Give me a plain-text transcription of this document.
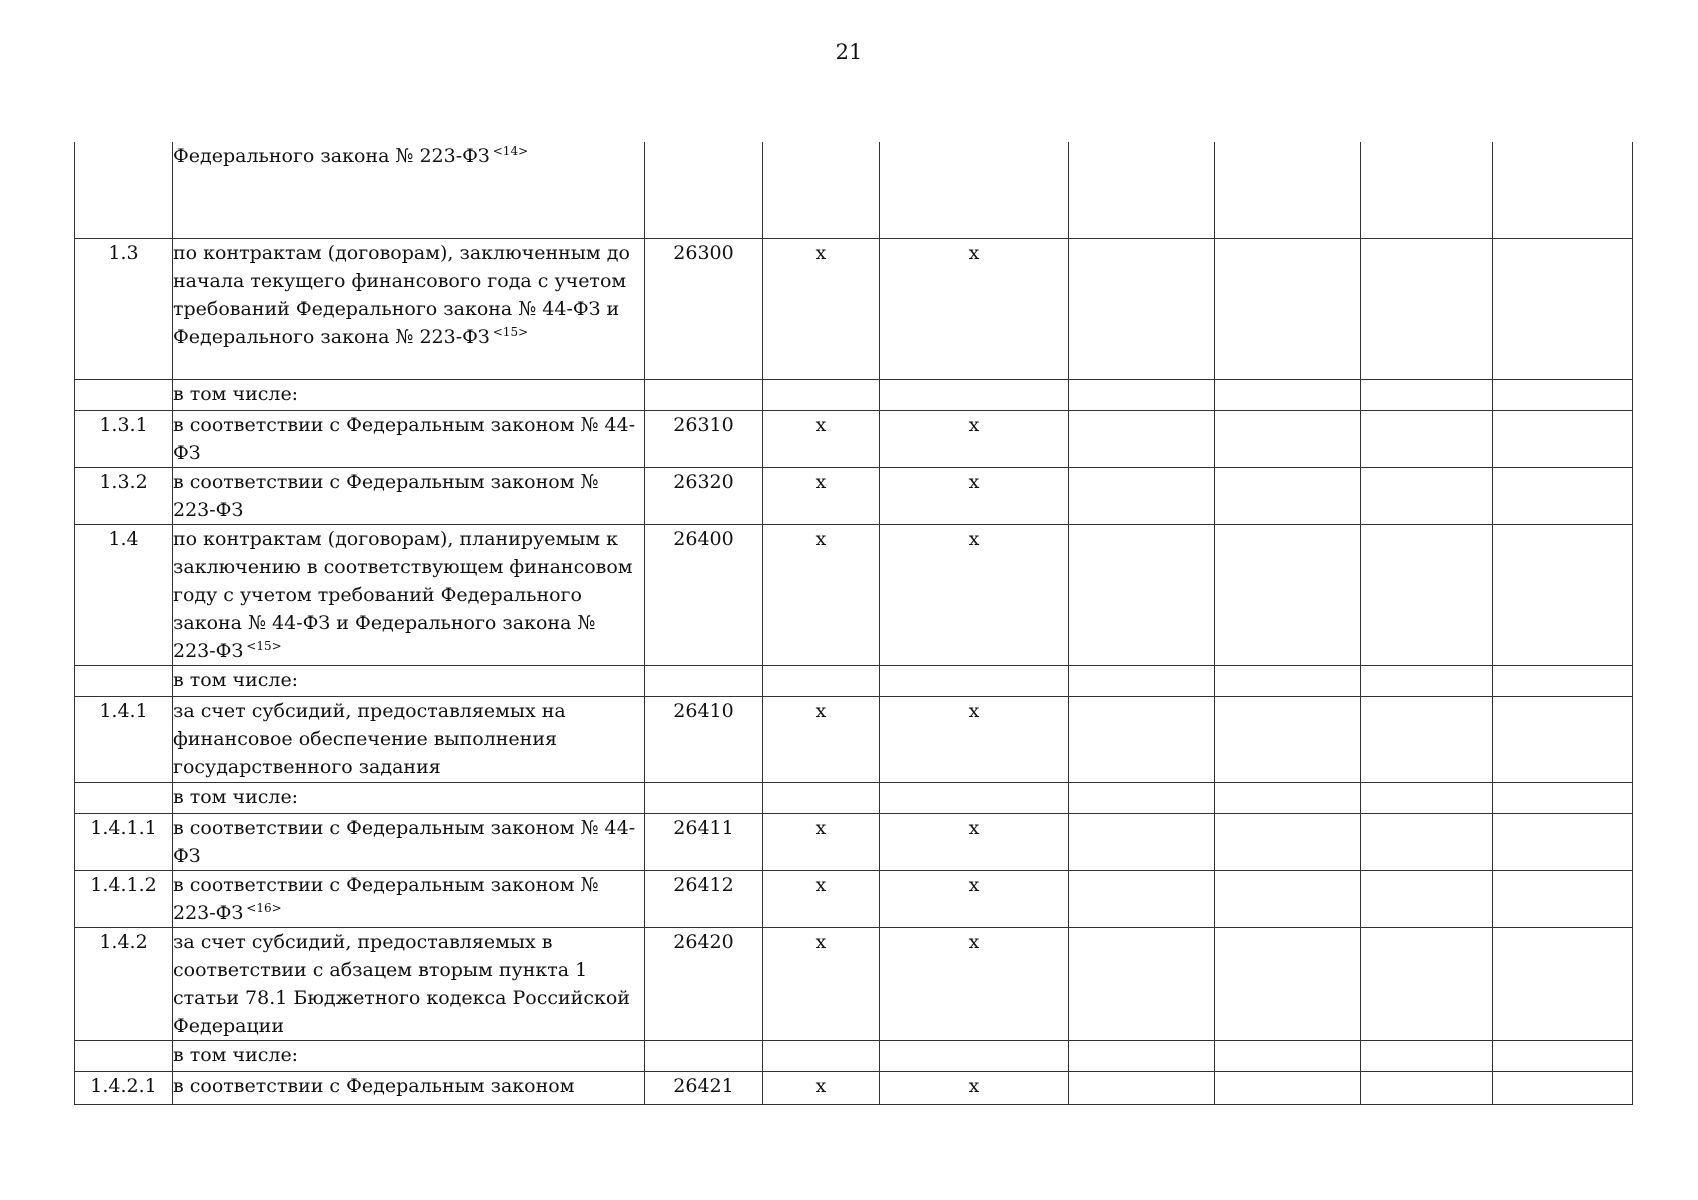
21
	Федерального закона № 223-ФЗ $^{<14>}$							
1.3	по контрактам (договорам), заключенным до начала текущего финансового года с учетом требований Федерального закона № 44-ФЗ и Федерального закона № 223-ФЗ $^{<15>}$	26300	x	x				
	в том числе:							
1.3.1	в соответствии с Федеральным законом № 44-ФЗ	26310	x	x				
1.3.2	в соответствии с Федеральным законом № 223-ФЗ	26320	x	x				
1.4	по контрактам (договорам), планируемым к заключению в соответствующем финансовом году с учетом требований Федерального закона № 44-ФЗ и Федерального закона № 223-ФЗ $^{<15>}$	26400	x	x				
	в том числе:							
1.4.1	за счет субсидий, предоставляемых на финансовое обеспечение выполнения государственного задания	26410	x	x				
	в том числе:							
1.4.1.1	в соответствии с Федеральным законом № 44-ФЗ	26411	x	x				
1.4.1.2	в соответствии с Федеральным законом № 223-ФЗ $^{<16>}$	26412	x	x				
1.4.2	за счет субсидий, предоставляемых в соответствии с абзацем вторым пункта 1 статьи 78.1 Бюджетного кодекса Российской Федерации	26420	x	x				
	в том числе:							
1.4.2.1	в соответствии с Федеральным законом	26421	x	x				
